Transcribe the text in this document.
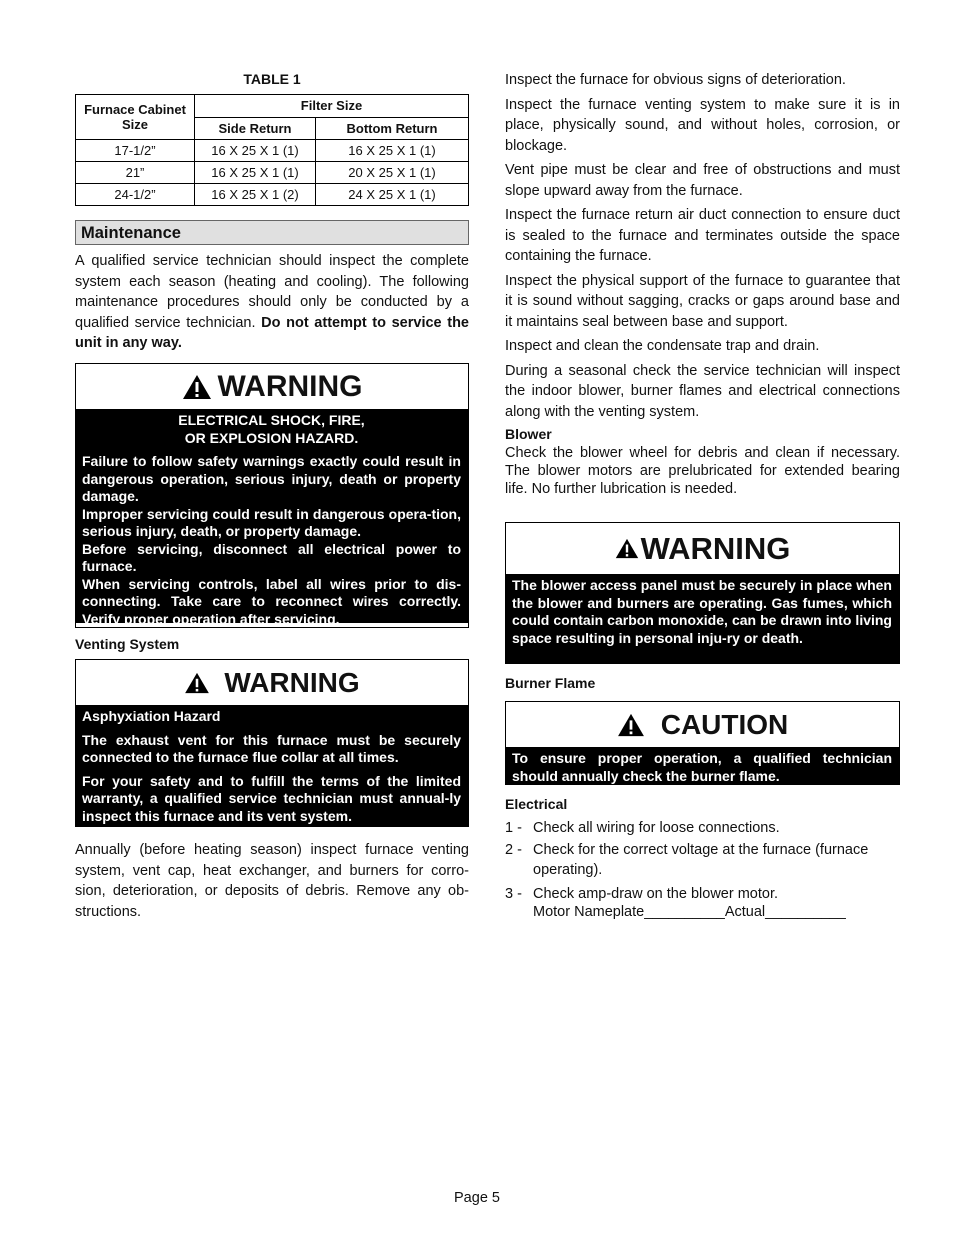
TABLE 1
Furnace Cabinet Size	Filter Size	
	Side Return	Bottom Return
17-1/2”	16 X 25 X 1 (1)	16 X 25 X 1 (1)
21”	16 X 25 X 1 (1)	20 X 25 X 1 (1)
24-1/2”	16 X 25 X 1 (2)	24 X 25 X 1 (1)
Maintenance

A qualified service technician should inspect the complete system each season (heating and cooling). The following maintenance procedures should only be conducted by a qualified service technician. Do not attempt to service the unit in any way.

WARNING
ELECTRICAL SHOCK, FIRE,
OR EXPLOSION HAZARD.

Failure to follow safety warnings exactly could result in dangerous operation, serious injury, death or property damage.

Improper servicing could result in dangerous opera-tion, serious injury, death, or property damage.

Before servicing, disconnect all electrical power to furnace.

When servicing controls, label all wires prior to dis-connecting. Take care to reconnect wires correctly. Verify proper operation after servicing.

Venting System
WARNING
Asphyxiation Hazard

The exhaust vent for this furnace must be securely connected to the furnace flue collar at all times.

For your safety and to fulfill the terms of the limited warranty, a qualified service technician must annual-ly inspect this furnace and its vent system.

Annually (before heating season) inspect furnace venting system, vent cap, heat exchanger, and burners for corro-sion, deterioration, or deposits of debris. Remove any ob-structions.

Inspect the furnace for obvious signs of deterioration.

Inspect the furnace venting system to make sure it is in place, physically sound, and without holes, corrosion, or blockage.

Vent pipe must be clear and free of obstructions and must slope upward away from the furnace.

Inspect the furnace return air duct connection to ensure duct is sealed to the furnace and terminates outside the space containing the furnace.

Inspect the physical support of the furnace to guarantee that it is sound without sagging, cracks or gaps around base and it maintains seal between base and support.

Inspect and clean the condensate trap and drain.

During a seasonal check the service technician will inspect the indoor blower, burner flames and electrical connections along with the venting system.

Blower

Check the blower wheel for debris and clean if necessary. The blower motors are prelubricated for extended bearing life. No further lubrication is needed.

WARNING

The blower access panel must be securely in place when the blower and burners are operating. Gas fumes, which could contain carbon monoxide, can be drawn into living space resulting in personal inju-ry or death.

Burner Flame
CAUTION

To ensure proper operation, a qualified technician should annually check the burner flame.

Electrical
1 - Check all wiring for loose connections.
2 - Check for the correct voltage at the furnace (furnace operating).
3 - Check amp-draw on the blower motor.
Motor Nameplate__________Actual__________
Page 5
